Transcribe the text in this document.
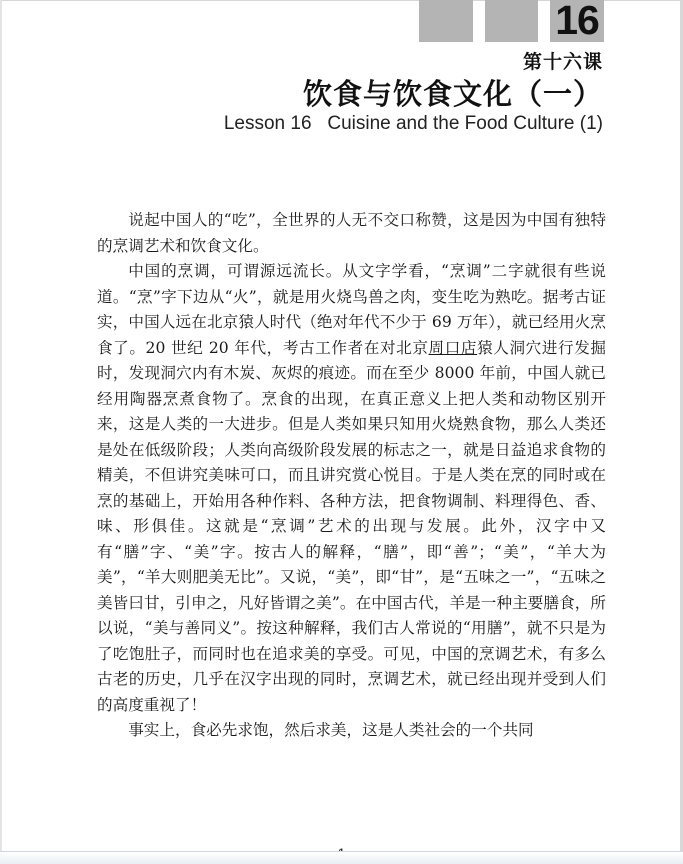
16
第十六课
饮食与饮食文化（一）
Lesson 16   Cuisine and the Food Culture (1)

说起中国人的“吃”，全世界的人无不交口称赞，这是因为中国有独特的烹调艺术和饮食文化。

中国的烹调，可谓源远流长。从文字学看，“烹调”二字就很有些说道。“烹”字下边从“火”，就是用火烧鸟兽之肉，变生吃为熟吃。据考古证实，中国人远在北京猿人时代（绝对年代不少于 69 万年），就已经用火烹食了。20 世纪 20 年代，考古工作者在对北京周口店猿人洞穴进行发掘时，发现洞穴内有木炭、灰烬的痕迹。而在至少 8000 年前，中国人就已经用陶器烹煮食物了。烹食的出现，在真正意义上把人类和动物区别开来，这是人类的一大进步。但是人类如果只知用火烧熟食物，那么人类还是处在低级阶段；人类向高级阶段发展的标志之一，就是日益追求食物的精美，不但讲究美味可口，而且讲究赏心悦目。于是人类在烹的同时或在烹的基础上，开始用各种作料、各种方法，把食物调制、料理得色、香、味、形俱佳。这就是“烹调”艺术的出现与发展。此外，汉字中又有“膳”字、“美”字。按古人的解释，“膳”，即“善”；“美”，“羊大为美”，“羊大则肥美无比”。又说，“美”，即“甘”，是“五味之一”，“五味之美皆曰甘，引申之，凡好皆谓之美”。在中国古代，羊是一种主要膳食，所以说，“美与善同义”。按这种解释，我们古人常说的“用膳”，就不只是为了吃饱肚子，而同时也在追求美的享受。可见，中国的烹调艺术，有多么古老的历史，几乎在汉字出现的同时，烹调艺术，就已经出现并受到人们的高度重视了！

事实上，食必先求饱，然后求美，这是人类社会的一个共同
